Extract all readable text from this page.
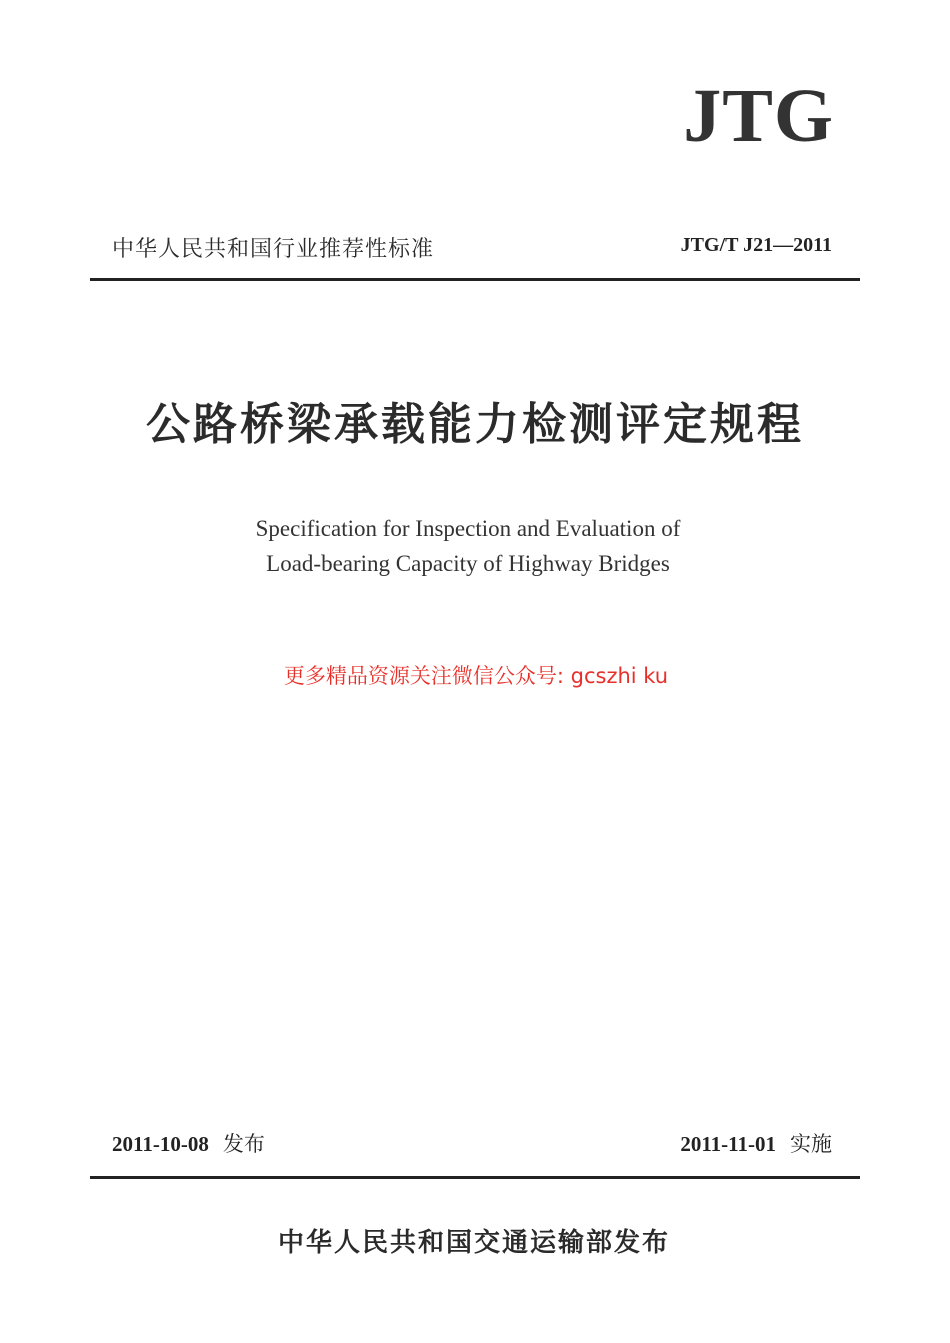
JTG
中华人民共和国行业推荐性标准	JTG/T J21—2011
公路桥梁承载能力检测评定规程
Specification for Inspection and Evaluation of
Load-bearing Capacity of Highway Bridges
更多精品资源关注微信公众号: gcszhi ku
2011-10-08 发布	2011-11-01 实施
中华人民共和国交通运输部发布
